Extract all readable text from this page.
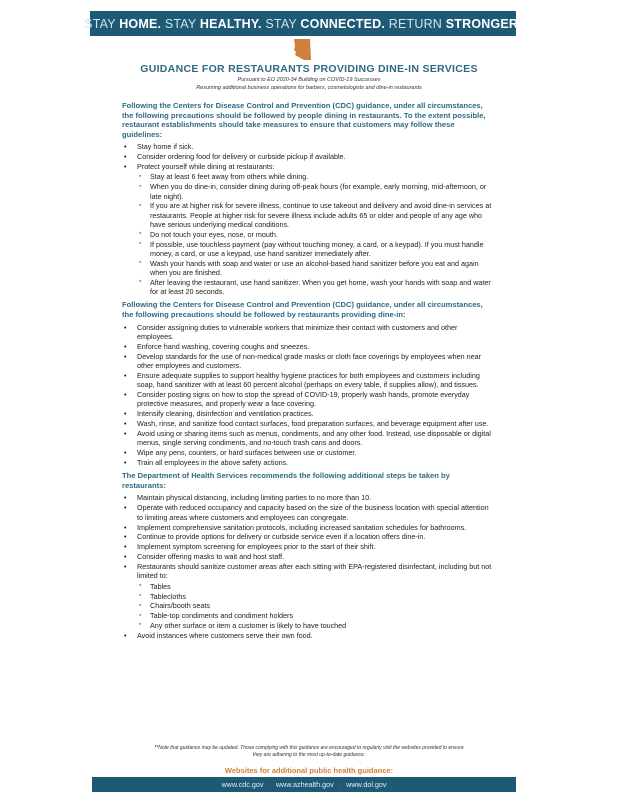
STAY HOME. STAY HEALTHY. STAY CONNECTED. RETURN STRONGER.
GUIDANCE FOR RESTAURANTS PROVIDING DINE-IN SERVICES
Pursuant to EO 2020-34 Building on COVID-19 Successes
Resuming additional business operations for barbers, cosmetologists and dine-in restaurants
Following the Centers for Disease Control and Prevention (CDC) guidance, under all circumstances, the following precautions should be followed by people dining in restaurants. To the extent possible, restaurant establishments should take measures to ensure that customers may follow these guidelines:
• Stay home if sick.
• Consider ordering food for delivery or curbside pickup if available.
• Protect yourself while dining at restaurants:
▪ Stay at least 6 feet away from others while dining.
▪ When you do dine-in, consider dining during off-peak hours (for example, early morning, mid-afternoon, or late night).
▪ If you are at higher risk for severe illness, continue to use takeout and delivery and avoid dine-in services at restaurants. People at higher risk for severe illness include adults 65 or older and people of any age who have serious underlying medical conditions.
▪ Do not touch your eyes, nose, or mouth.
▪ If possible, use touchless payment (pay without touching money, a card, or a keypad). If you must handle money, a card, or use a keypad, use hand sanitizer immediately after.
▪ Wash your hands with soap and water or use an alcohol-based hand sanitizer before you eat and again when you are finished.
▪ After leaving the restaurant, use hand sanitizer. When you get home, wash your hands with soap and water for at least 20 seconds.
Following the Centers for Disease Control and Prevention (CDC) guidance, under all circumstances, the following precautions should be followed by restaurants providing dine-in:
• Consider assigning duties to vulnerable workers that minimize their contact with customers and other employees.
• Enforce hand washing, covering coughs and sneezes.
• Develop standards for the use of non-medical grade masks or cloth face coverings by employees when near other employees and customers.
• Ensure adequate supplies to support healthy hygiene practices for both employees and customers including soap, hand sanitizer with at least 60 percent alcohol (perhaps on every table, if supplies allow), and tissues.
• Consider posting signs on how to stop the spread of COVID-19, properly wash hands, promote everyday protective measures, and properly wear a face covering.
• Intensify cleaning, disinfection and ventilation practices.
• Wash, rinse, and sanitize food contact surfaces, food preparation surfaces, and beverage equipment after use.
• Avoid using or sharing items such as menus, condiments, and any other food. Instead, use disposable or digital menus, single serving condiments, and no-touch trash cans and doors.
• Wipe any pens, counters, or hard surfaces between use or customer.
• Train all employees in the above safety actions.
The Department of Health Services recommends the following additional steps be taken by restaurants:
• Maintain physical distancing, including limiting parties to no more than 10.
• Operate with reduced occupancy and capacity based on the size of the business location with special attention to limiting areas where customers and employees can congregate.
• Implement comprehensive sanitation protocols, including increased sanitation schedules for bathrooms.
• Continue to provide options for delivery or curbside service even if a location offers dine-in.
• Implement symptom screening for employees prior to the start of their shift.
• Consider offering masks to wait and host staff.
• Restaurants should sanitize customer areas after each sitting with EPA-registered disinfectant, including but not limited to:
▪ Tables
▪ Tablecloths
▪ Chairs/booth seats
▪ Table-top condiments and condiment holders
▪ Any other surface or item a customer is likely to have touched
• Avoid instances where customers serve their own food.
**Note that guidance may be updated. Those complying with this guidance are encouraged to regularly visit the websites provided to ensure they are adhering to the most up-to-date guidance.
Websites for additional public health guidance:
www.cdc.gov · www.azhealth.gov · www.dol.gov
